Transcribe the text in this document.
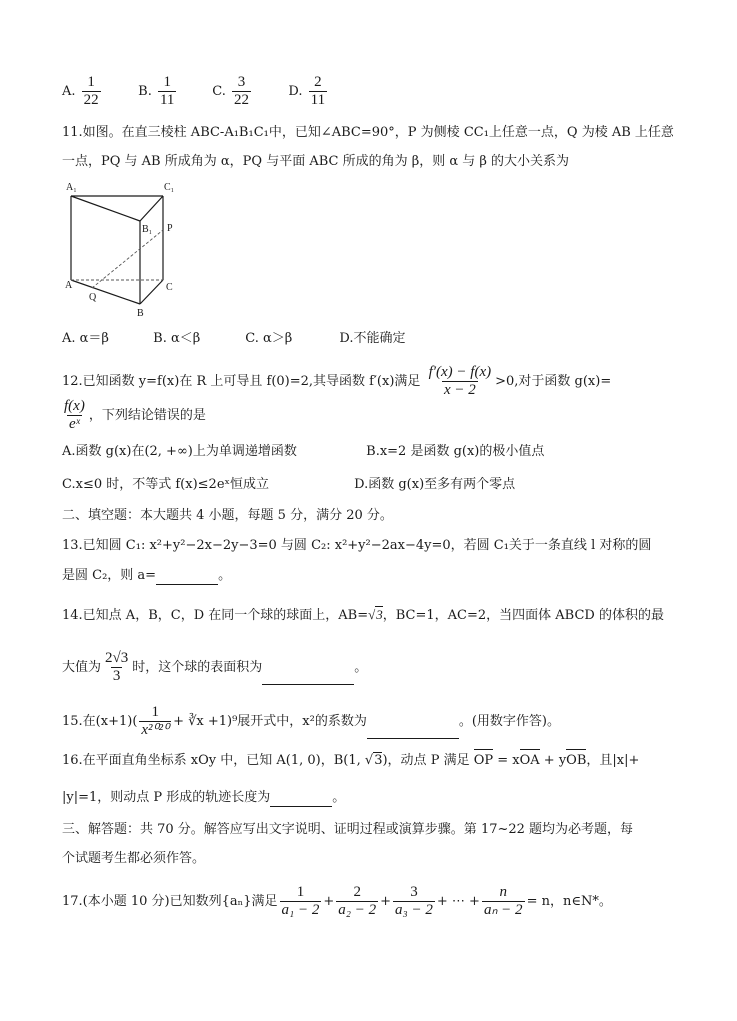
A. $\frac{1}{22}$	B. $\frac{1}{11}$	C. $\frac{3}{22}$	D. $\frac{2}{11}$
11.如图。在直三棱柱 ABC-A₁B₁C₁中，已知∠ABC=90°，P 为侧棱 CC₁上任意一点，Q 为棱 AB 上任意
一点，PQ 与 AB 所成角为 α，PQ 与平面 ABC 所成的角为 β，则 α 与 β 的大小关系为
A₁	C₁
B₁ P
A
Q
C
B
A. α＝β	B. α＜β	C. α＞β	D.不能确定
12.已知函数 y=f(x)在 R 上可导且 f(0)=2,其导函数 f′(x)满足 $\frac{f'(x) - f(x)}{x - 2} >0$,对于函数 g(x)=
$\frac{f(x)}{\text{eˣ}}$ ，下列结论错误的是
A.函数 g(x)在(2, +∞)上为单调递增函数	B.x=2 是函数 g(x)的极小值点
C.x≤0 时，不等式 f(x)≤2eˣ恒成立	D.函数 g(x)至多有两个零点
二、填空题：本大题共 4 小题，每题 5 分，满分 20 分。
13.已知圆 C₁: x²+y²−2x−2y−3=0 与圆 C₂: x²+y²−2ax−4y=0，若圆 C₁关于一条直线 l 对称的圆
是圆 C₂，则 a=	。
14.已知点 A，B，C，D 在同一个球的球面上，AB=√3，BC=1，AC=2，当四面体 ABCD 的体积的最
大值为 $\frac{2√3}{3}$ 时，这个球的表面积为	。
15.在$(x+1)( \frac{1}{\text{x²⁰²⁰}}$ + ∛x +1)⁹展开式中，x²的系数为	。(用数字作答)。
16.在平面直角坐标系 xOy 中，已知 A(1, 0)，B(1, √3)，动点 P 满足 OP = xOA + yOB，且|x|+
|y|=1，则动点 P 形成的轨迹长度为	。
三、解答题：共 70 分。解答应写出文字说明、证明过程或演算步骤。第 17~22 题均为必考题，每
个试题考生都必须作答。
17.(本小题 10 分)已知数列{aₙ}满足 $\frac{1}{\text{a₁ − 2}} + \frac{2}{\text{a₂ − 2}} + \frac{3}{\text{a₃ − 2}}$ + ⋯ + $\frac{n}{\text{aₙ − 2}} = n$，n∈N*。
